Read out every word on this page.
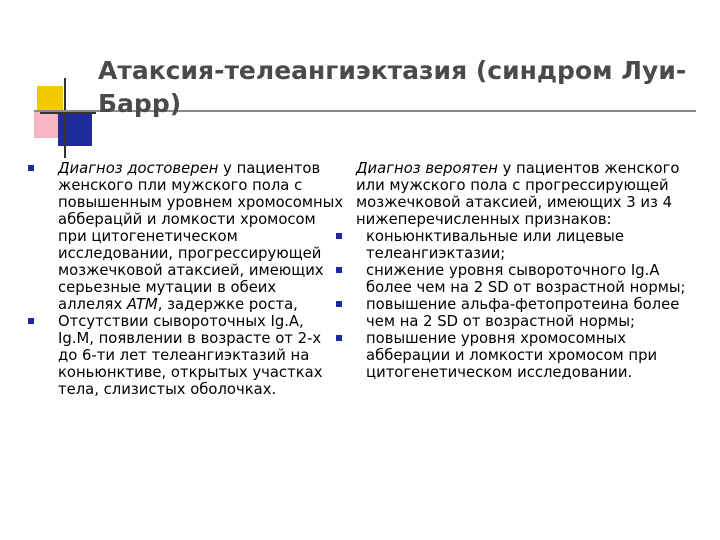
Атаксия-телеангиэктазия (синдром Луи-Барр)
Диагноз достоверен у пациентов женского пли мужского пола с повышенным уровнем хромосомных абберацйй и ломкости хромосом при цитогенетическом исследовании, прогрессирующей мозжечковой атаксией, имеющих серьезные мутации в обеих аллелях ATM, задержке роста,
Отсутствии сывороточных Ig.A, Ig.M, появлении в возрасте от 2-х до 6-ти лет телеангиэктазий на коньюнктиве, открытых участках тела, слизистых оболочках.
Диагноз вероятен у пациентов женского или мужского пола с прогрессирующей мозжечковой атаксией, имеющих 3 из 4 нижеперечисленных признаков:
коньюнктивальные или лицевые телеангиэктазии;
снижение уровня сывороточного Ig.A более чем на 2 SD от возрастной нормы;
повышение альфа-фетопротеина более чем на 2 SD от возрастной нормы;
повышение уровня хромосомных абберации и ломкости хромосом при цитогенетическом исследовании.
